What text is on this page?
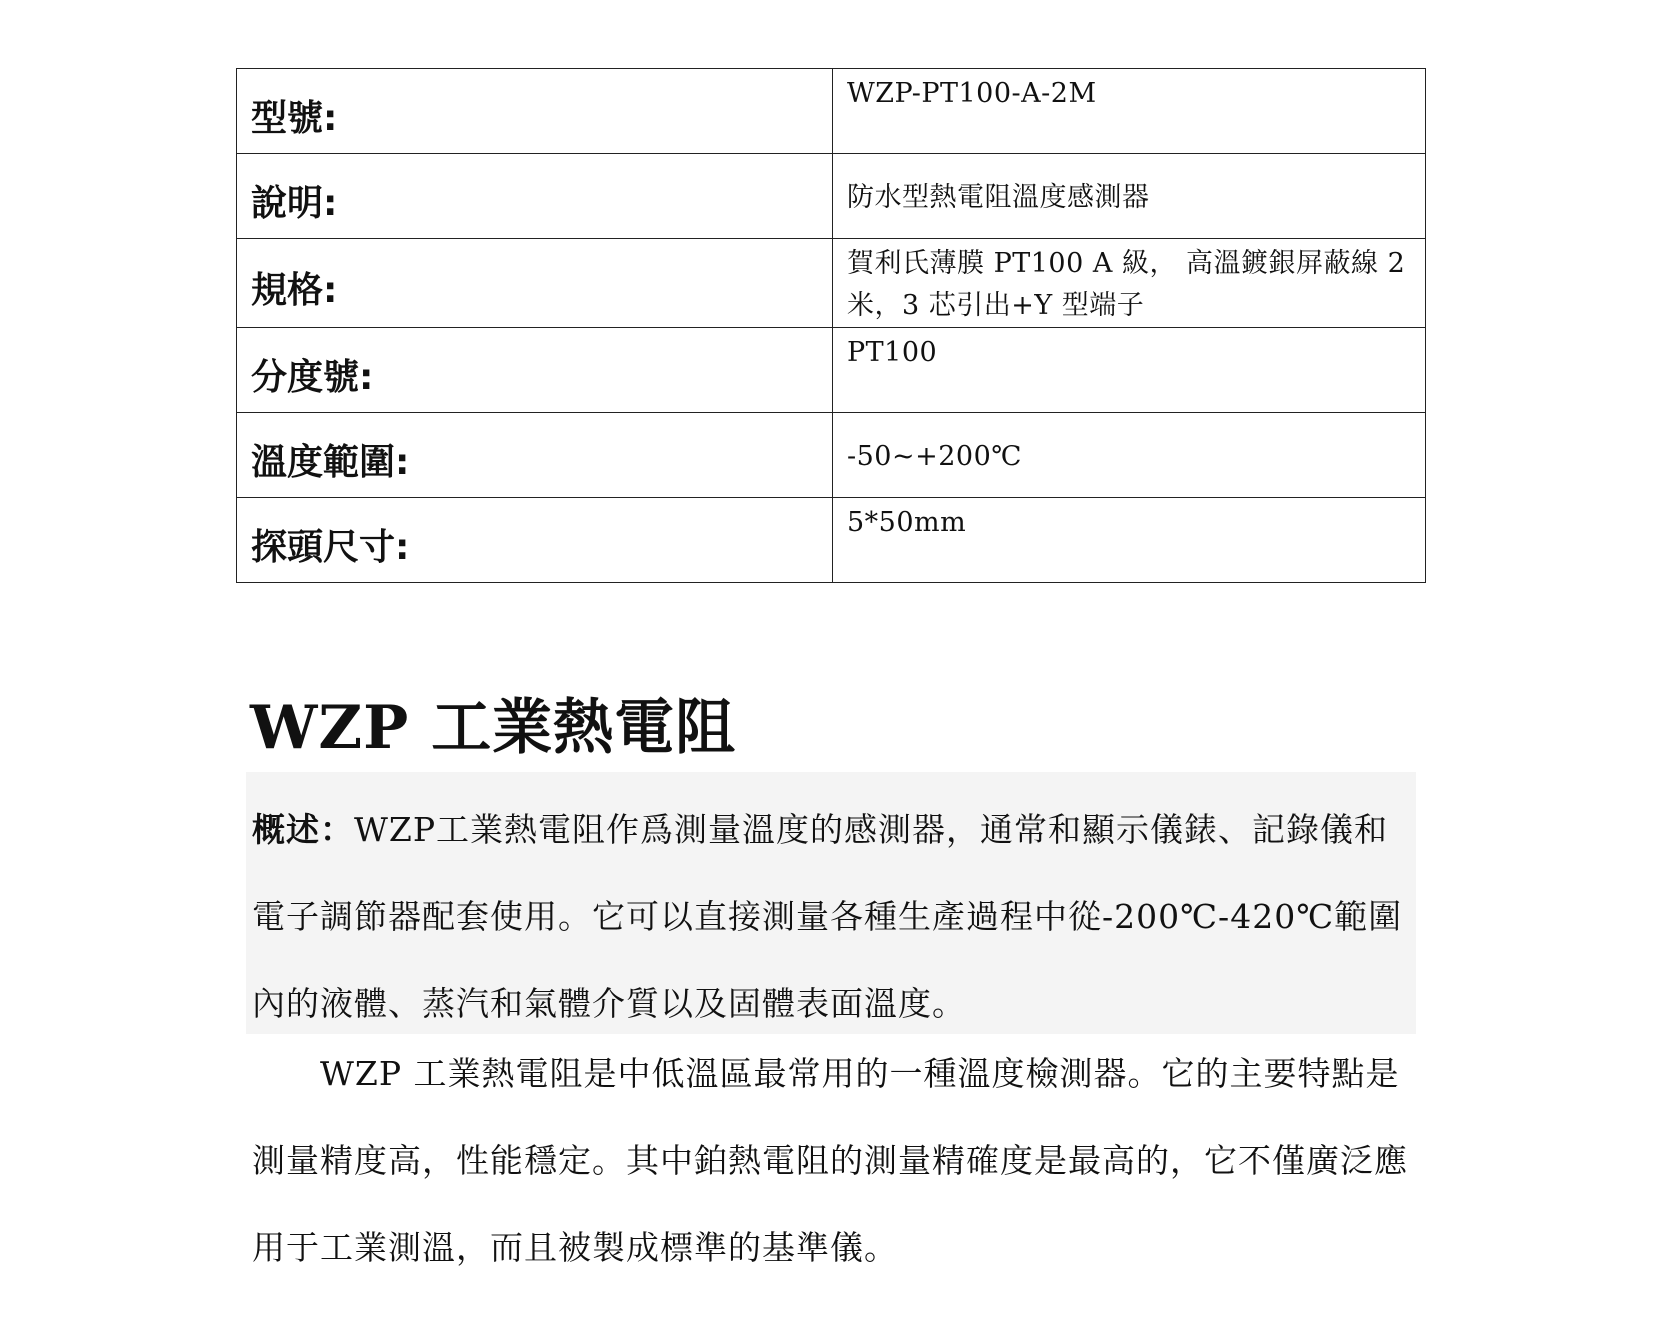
型號:	WZP-PT100-A-2M
說明:	防水型熱電阻溫度感測器
規格:	賀利氏薄膜 PT100 A 級， 高溫鍍銀屏蔽線 2 米，3 芯引出+Y 型端子
分度號:	PT100
溫度範圍:	-50~+200℃
探頭尺寸:	5*50mm
WZP 工業熱電阻

概述：WZP工業熱電阻作爲測量溫度的感測器，通常和顯示儀錶、記錄儀和電子調節器配套使用。它可以直接測量各種生產過程中從-200℃-420℃範圍內的液體、蒸汽和氣體介質以及固體表面溫度。

WZP 工業熱電阻是中低溫區最常用的一種溫度檢測器。它的主要特點是測量精度高，性能穩定。其中鉑熱電阻的測量精確度是最高的，它不僅廣泛應用于工業測溫，而且被製成標準的基準儀。
